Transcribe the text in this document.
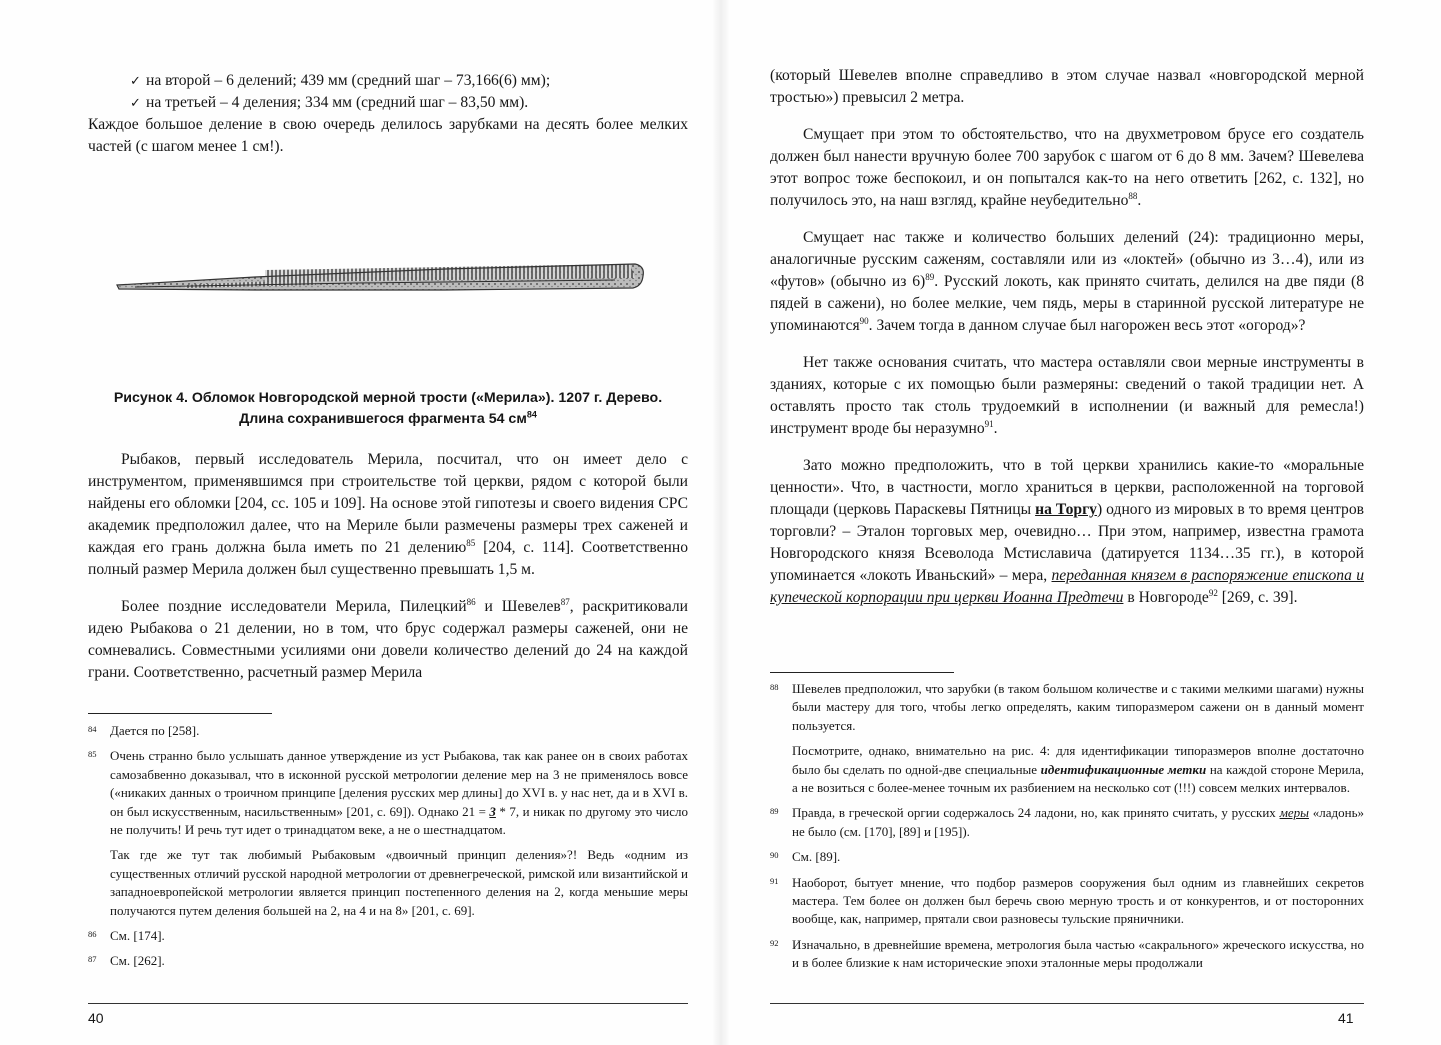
✓ на второй – 6 делений; 439 мм (средний шаг – 73,166(6) мм);
✓ на третьей – 4 деления; 334 мм (средний шаг – 83,50 мм).

Каждое большое деление в свою очередь делилось зарубками на десять более мелких частей (с шагом менее 1 см!).

Рисунок 4. Обломок Новгородской мерной трости («Мерила»). 1207 г. Дерево.
Длина сохранившегося фрагмента 54 $см^{84}$

Рыбаков, первый исследователь Мерила, посчитал, что он имеет дело с инструментом, применявшимся при строительстве той церкви, рядом с которой были найдены его обломки [204, сс. 105 и 109]. На основе этой гипотезы и своего видения СРС академик предположил далее, что на Мериле были размечены размеры трех саженей и каждая его грань должна была иметь по 21 делению$^{85}$ [204, с. 114]. Соответственно полный размер Мерила должен был существенно превышать 1,5 м.

Более поздние исследователи Мерила, Пилецкий$^{86}$ и Шевелев$^{87}$, раскритиковали идею Рыбакова о 21 делении, но в том, что брус содержал размеры саженей, они не сомневались. Совместными усилиями они довели количество делений до 24 на каждой грани. Соответственно, расчетный размер Мерила

84 Дается по [258].
85 Очень странно было услышать данное утверждение из уст Рыбакова, так как ранее он в своих работах самозабвенно доказывал, что в исконной русской метрологии деление мер на 3 не применялось вовсе («никаких данных о троичном принципе [деления русских мер длины] до XVI в. у нас нет, да и в XVI в. он был искусственным, насильственным» [201, с. 69]). Однако 21 = 3 * 7, и никак по другому это число не получить! И речь тут идет о тринадцатом веке, а не о шестнадцатом.
Так где же тут так любимый Рыбаковым «двоичный принцип деления»?! Ведь «одним из существенных отличий русской народной метрологии от древнегреческой, римской или византийской и западноевропейской метрологии является принцип постепенного деления на 2, когда меньшие меры получаются путем деления большей на 2, на 4 и на 8» [201, с. 69].
86 См. [174].
87 См. [262].
40

(который Шевелев вполне справедливо в этом случае назвал «новгородской мерной тростью») превысил 2 метра.

Смущает при этом то обстоятельство, что на двухметровом брусе его создатель должен был нанести вручную более 700 зарубок с шагом от 6 до 8 мм. Зачем? Шевелева этот вопрос тоже беспокоил, и он попытался как-то на него ответить [262, с. 132], но получилось это, на наш взгляд, крайне неубедительно$^{88}$.

Смущает нас также и количество больших делений (24): традиционно меры, аналогичные русским саженям, составляли или из «локтей» (обычно из 3…4), или из «футов» (обычно из 6)$^{89}$. Русский локоть, как принято считать, делился на две пяди (8 пядей в сажени), но более мелкие, чем пядь, меры в старинной русской литературе не упоминаются$^{90}$. Зачем тогда в данном случае был нагорожен весь этот «огород»?

Нет также основания считать, что мастера оставляли свои мерные инструменты в зданиях, которые с их помощью были размеряны: сведений о такой традиции нет. А оставлять просто так столь трудоемкий в исполнении (и важный для ремесла!) инструмент вроде бы неразумно$^{91}$.

Зато можно предположить, что в той церкви хранились какие-то «моральные ценности». Что, в частности, могло храниться в церкви, расположенной на торговой площади (церковь Параскевы Пятницы на Торгу) одного из мировых в то время центров торговли? – Эталон торговых мер, очевидно… При этом, например, известна грамота Новгородского князя Всеволода Мстиславича (датируется 1134…35 гг.), в которой упоминается «локоть Иваньский» – мера, переданная князем в распоряжение епископа и купеческой корпорации при церкви Иоанна Предтечи в Новгороде$^{92}$ [269, с. 39].

88 Шевелев предположил, что зарубки (в таком большом количестве и с такими мелкими шагами) нужны были мастеру для того, чтобы легко определять, каким типоразмером сажени он в данный момент пользуется.
Посмотрите, однако, внимательно на рис. 4: для идентификации типоразмеров вполне достаточно было бы сделать по одной-две специальные идентификационные метки на каждой стороне Мерила, а не возиться с более-менее точным их разбиением на несколько сот (!!!) совсем мелких интервалов.
89 Правда, в греческой оргии содержалось 24 ладони, но, как принято считать, у русских меры «ладонь» не было (см. [170], [89] и [195]).
90 См. [89].
91 Наоборот, бытует мнение, что подбор размеров сооружения был одним из главнейших секретов мастера. Тем более он должен был беречь свою мерную трость и от конкурентов, и от посторонних вообще, как, например, прятали свои разновесы тульские пряничники.
92 Изначально, в древнейшие времена, метрология была частью «сакрального» жреческого искусства, но и в более близкие к нам исторические эпохи эталонные меры продолжали
41
